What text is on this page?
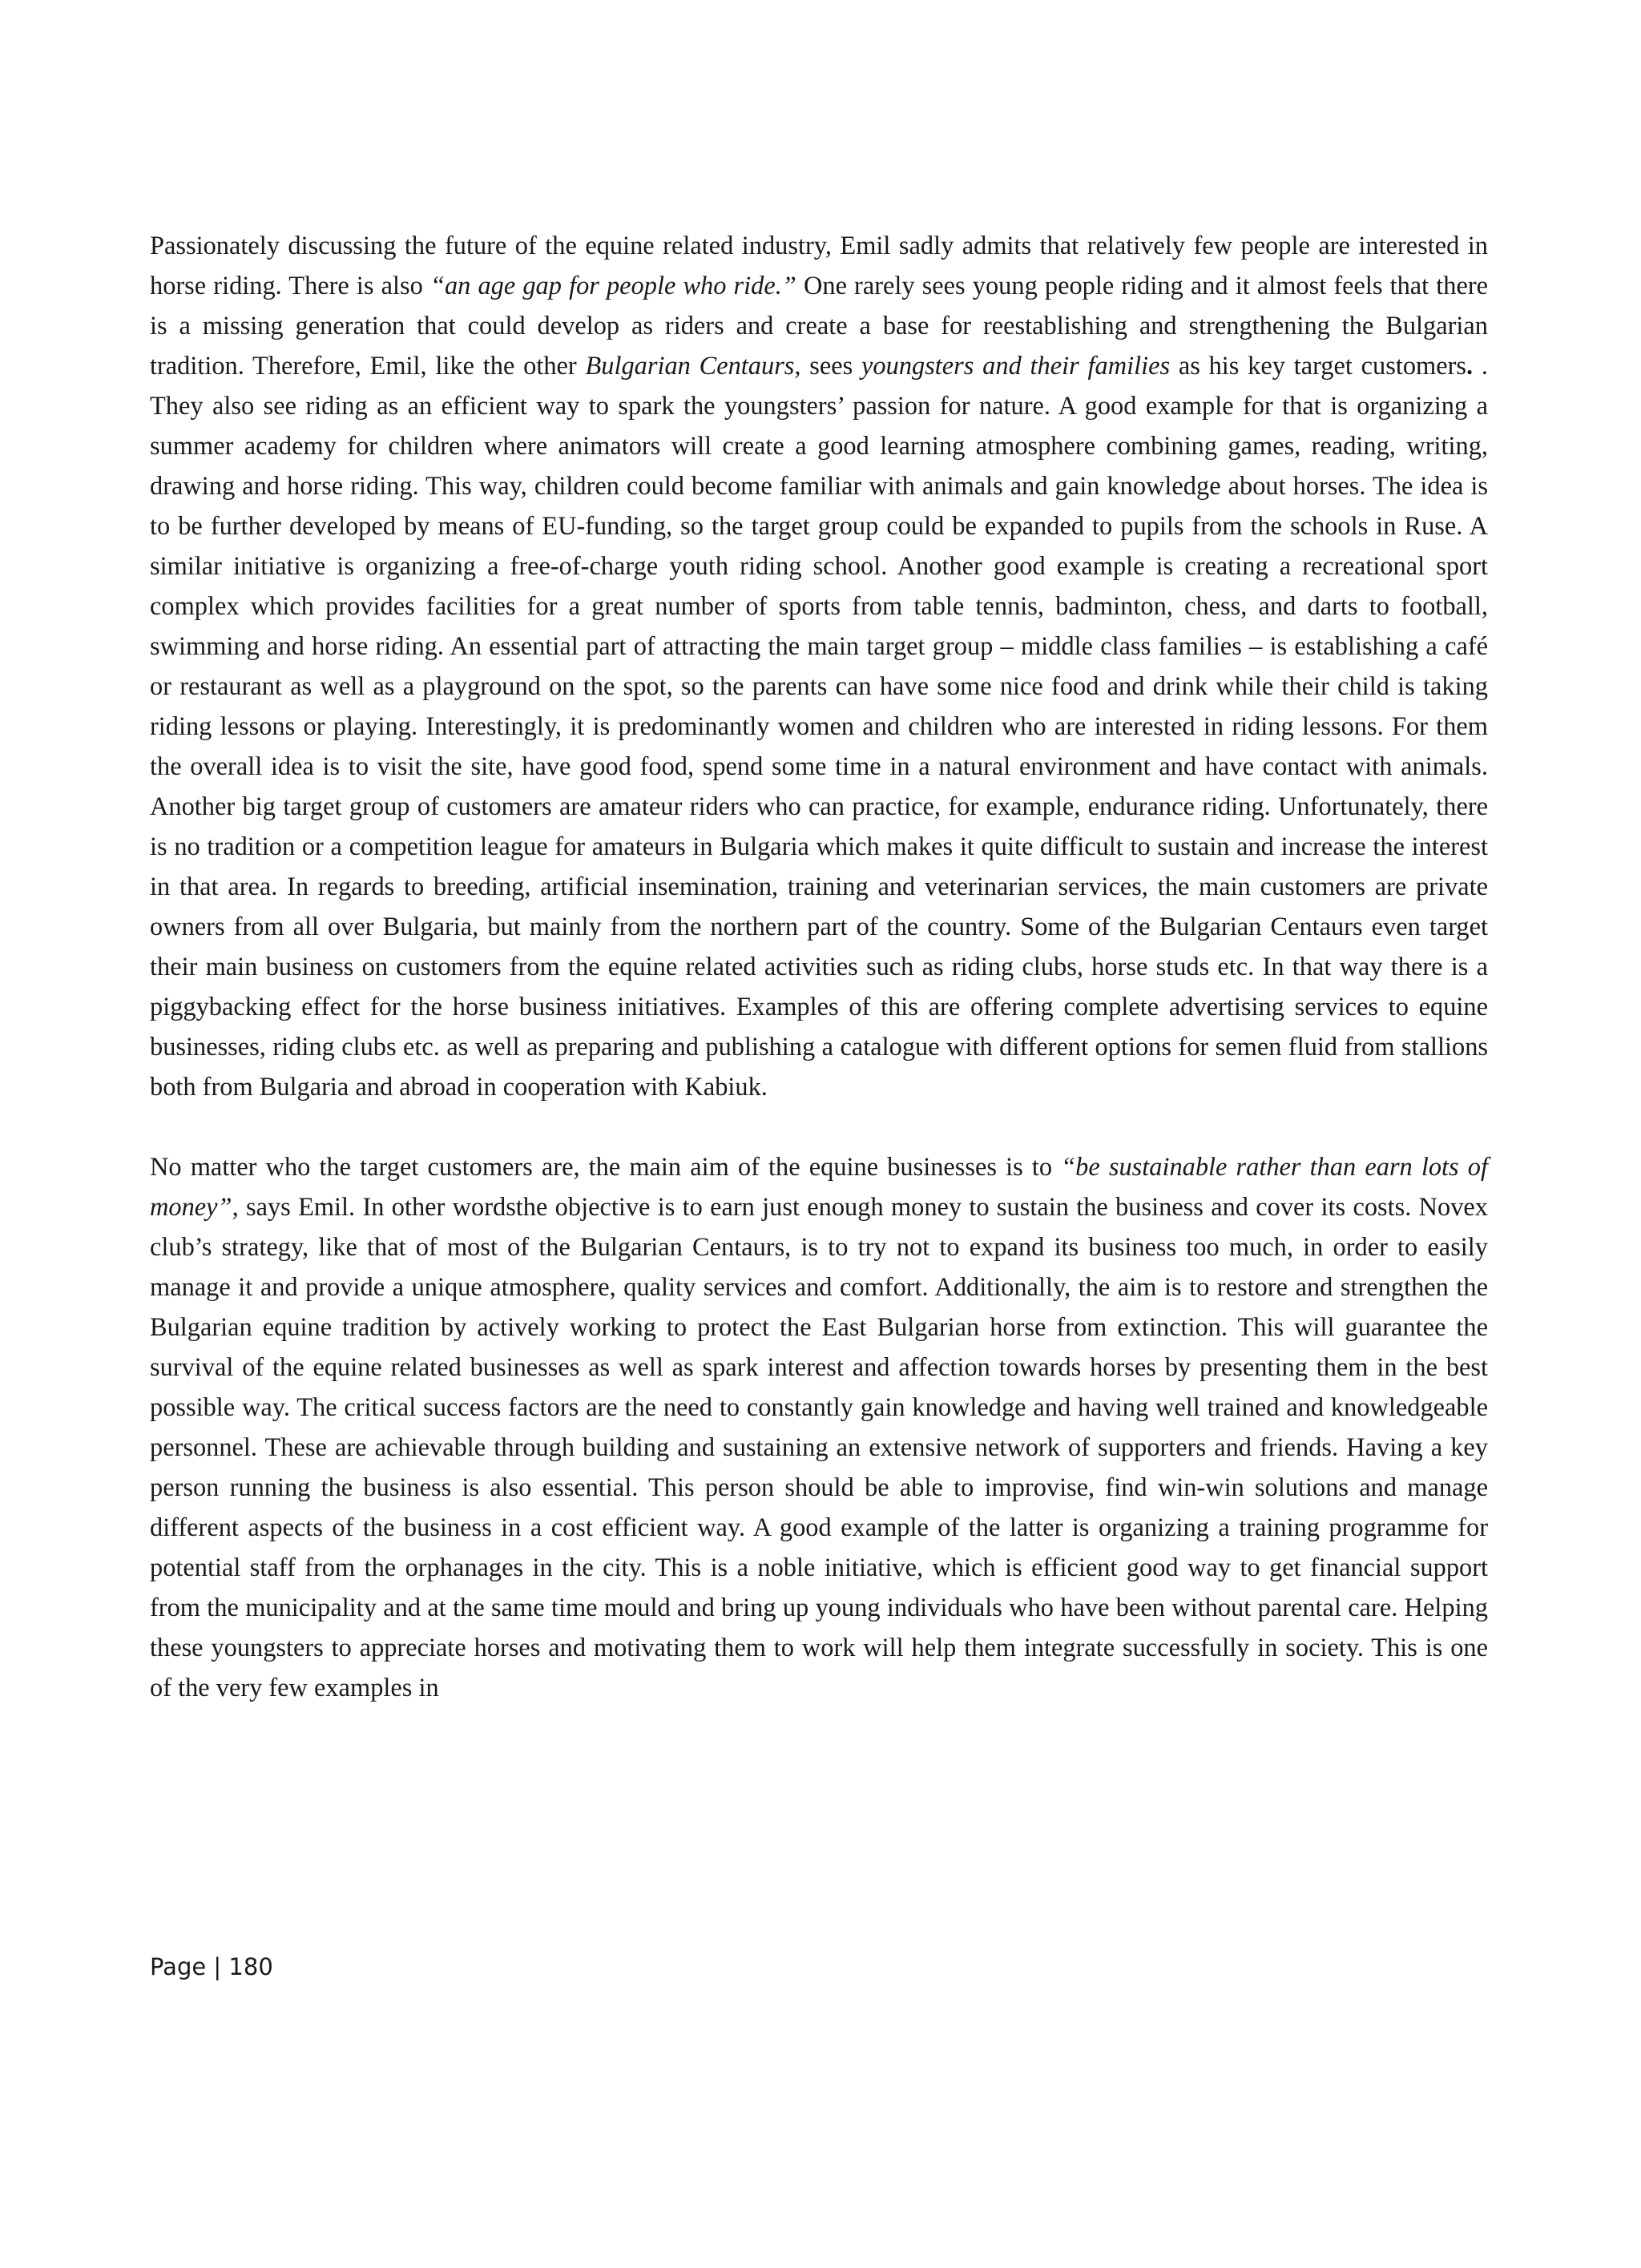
Passionately discussing the future of the equine related industry, Emil sadly admits that relatively few people are interested in horse riding. There is also “an age gap for people who ride.” One rarely sees young people riding and it almost feels that there is a missing generation that could develop as riders and create a base for reestablishing and strengthening the Bulgarian tradition. Therefore, Emil, like the other Bulgarian Centaurs, sees youngsters and their families as his key target customers. . They also see riding as an efficient way to spark the youngsters’ passion for nature. A good example for that is organizing a summer academy for children where animators will create a good learning atmosphere combining games, reading, writing, drawing and horse riding. This way, children could become familiar with animals and gain knowledge about horses. The idea is to be further developed by means of EU-funding, so the target group could be expanded to pupils from the schools in Ruse. A similar initiative is organizing a free-of-charge youth riding school. Another good example is creating a recreational sport complex which provides facilities for a great number of sports from table tennis, badminton, chess, and darts to football, swimming and horse riding. An essential part of attracting the main target group – middle class families – is establishing a café or restaurant as well as a playground on the spot, so the parents can have some nice food and drink while their child is taking riding lessons or playing. Interestingly, it is predominantly women and children who are interested in riding lessons. For them the overall idea is to visit the site, have good food, spend some time in a natural environment and have contact with animals. Another big target group of customers are amateur riders who can practice, for example, endurance riding. Unfortunately, there is no tradition or a competition league for amateurs in Bulgaria which makes it quite difficult to sustain and increase the interest in that area. In regards to breeding, artificial insemination, training and veterinarian services, the main customers are private owners from all over Bulgaria, but mainly from the northern part of the country. Some of the Bulgarian Centaurs even target their main business on customers from the equine related activities such as riding clubs, horse studs etc. In that way there is a piggybacking effect for the horse business initiatives. Examples of this are offering complete advertising services to equine businesses, riding clubs etc. as well as preparing and publishing a catalogue with different options for semen fluid from stallions both from Bulgaria and abroad in cooperation with Kabiuk.

No matter who the target customers are, the main aim of the equine businesses is to “be sustainable rather than earn lots of money”, says Emil. In other wordsthe objective is to earn just enough money to sustain the business and cover its costs. Novex club’s strategy, like that of most of the Bulgarian Centaurs, is to try not to expand its business too much, in order to easily manage it and provide a unique atmosphere, quality services and comfort. Additionally, the aim is to restore and strengthen the Bulgarian equine tradition by actively working to protect the East Bulgarian horse from extinction. This will guarantee the survival of the equine related businesses as well as spark interest and affection towards horses by presenting them in the best possible way. The critical success factors are the need to constantly gain knowledge and having well trained and knowledgeable personnel. These are achievable through building and sustaining an extensive network of supporters and friends. Having a key person running the business is also essential. This person should be able to improvise, find win-win solutions and manage different aspects of the business in a cost efficient way. A good example of the latter is organizing a training programme for potential staff from the orphanages in the city. This is a noble initiative, which is efficient good way to get financial support from the municipality and at the same time mould and bring up young individuals who have been without parental care. Helping these youngsters to appreciate horses and motivating them to work will help them integrate successfully in society. This is one of the very few examples in

Page | 180
